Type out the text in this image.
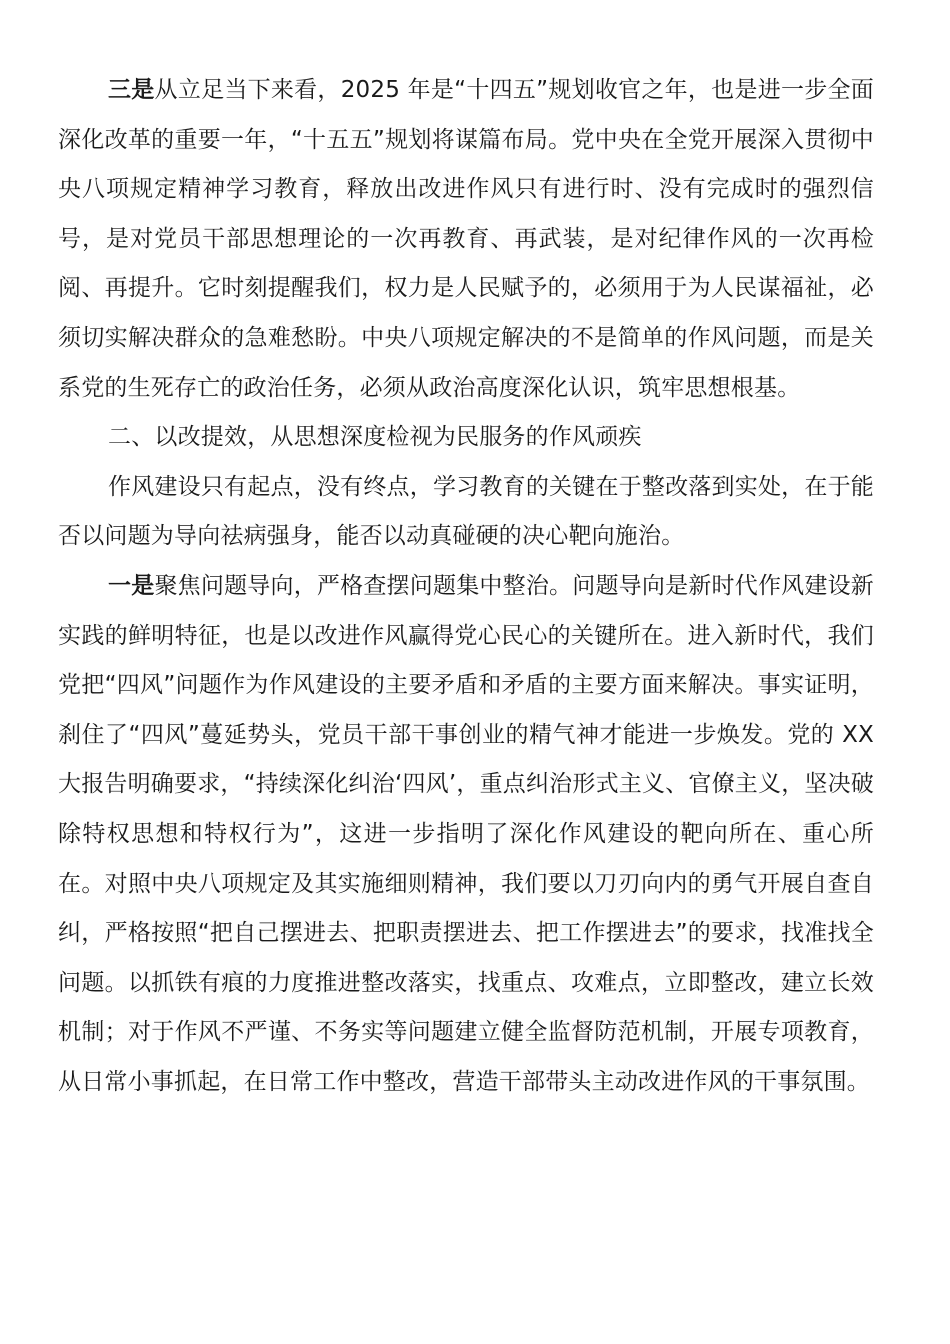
三是从立足当下来看，2025 年是“十四五”规划收官之年，也是进一步全面深化改革的重要一年，“十五五”规划将谋篇布局。党中央在全党开展深入贯彻中央八项规定精神学习教育，释放出改进作风只有进行时、没有完成时的强烈信号，是对党员干部思想理论的一次再教育、再武装，是对纪律作风的一次再检阅、再提升。它时刻提醒我们，权力是人民赋予的，必须用于为人民谋福祉，必须切实解决群众的急难愁盼。中央八项规定解决的不是简单的作风问题，而是关系党的生死存亡的政治任务，必须从政治高度深化认识，筑牢思想根基。

二、以改提效，从思想深度检视为民服务的作风顽疾

作风建设只有起点，没有终点，学习教育的关键在于整改落到实处，在于能否以问题为导向祛病强身，能否以动真碰硬的决心靶向施治。

一是聚焦问题导向，严格查摆问题集中整治。问题导向是新时代作风建设新实践的鲜明特征，也是以改进作风赢得党心民心的关键所在。进入新时代，我们党把“四风”问题作为作风建设的主要矛盾和矛盾的主要方面来解决。事实证明，刹住了“四风”蔓延势头，党员干部干事创业的精气神才能进一步焕发。党的 XX 大报告明确要求，“持续深化纠治‘四风’，重点纠治形式主义、官僚主义，坚决破除特权思想和特权行为”，这进一步指明了深化作风建设的靶向所在、重心所在。对照中央八项规定及其实施细则精神，我们要以刀刃向内的勇气开展自查自纠，严格按照“把自己摆进去、把职责摆进去、把工作摆进去”的要求，找准找全问题。以抓铁有痕的力度推进整改落实，找重点、攻难点，立即整改，建立长效机制；对于作风不严谨、不务实等问题建立健全监督防范机制，开展专项教育，从日常小事抓起，在日常工作中整改，营造干部带头主动改进作风的干事氛围。
